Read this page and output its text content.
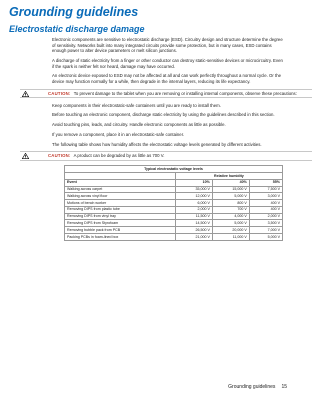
Grounding guidelines
Electrostatic discharge damage

Electronic components are sensitive to electrostatic discharge (ESD). Circuitry design and structure determine the degree of sensitivity. Networks built into many integrated circuits provide some protection, but in many cases, ESD contains enough power to alter device parameters or melt silicon junctions.

A discharge of static electricity from a finger or other conductor can destroy static-sensitive devices or microcircuitry. Even if the spark is neither felt nor heard, damage may have occurred.

An electronic device exposed to ESD may not be affected at all and can work perfectly throughout a normal cycle. Or the device may function normally for a while, then degrade in the internal layers, reducing its life expectancy.

CAUTION: To prevent damage to the tablet when you are removing or installing internal components, observe these precautions:

Keep components in their electrostatic-safe containers until you are ready to install them.

Before touching an electronic component, discharge static electricity by using the guidelines described in this section.

Avoid touching pins, leads, and circuitry. Handle electronic components as little as possible.

If you remove a component, place it in an electrostatic-safe container.

The following table shows how humidity affects the electrostatic voltage levels generated by different activities.

CAUTION: A product can be degraded by as little as 700 V.
Typical electrostatic voltage levels			
	Relative humidity		
Event	10%	40%	55%
Walking across carpet	35,000 V	15,000 V	7,500 V
Walking across vinyl floor	12,000 V	5,000 V	3,000 V
Motions of bench worker	6,000 V	800 V	400 V
Removing DIPS from plastic tube	2,000 V	700 V	400 V
Removing DIPS from vinyl tray	11,500 V	4,000 V	2,000 V
Removing DIPS from Styrofoam	14,500 V	5,000 V	3,500 V
Removing bubble pack from PCB	26,500 V	20,000 V	7,000 V
Packing PCBs in foam-lined box	21,000 V	11,000 V	5,000 V
Grounding guidelines 15
